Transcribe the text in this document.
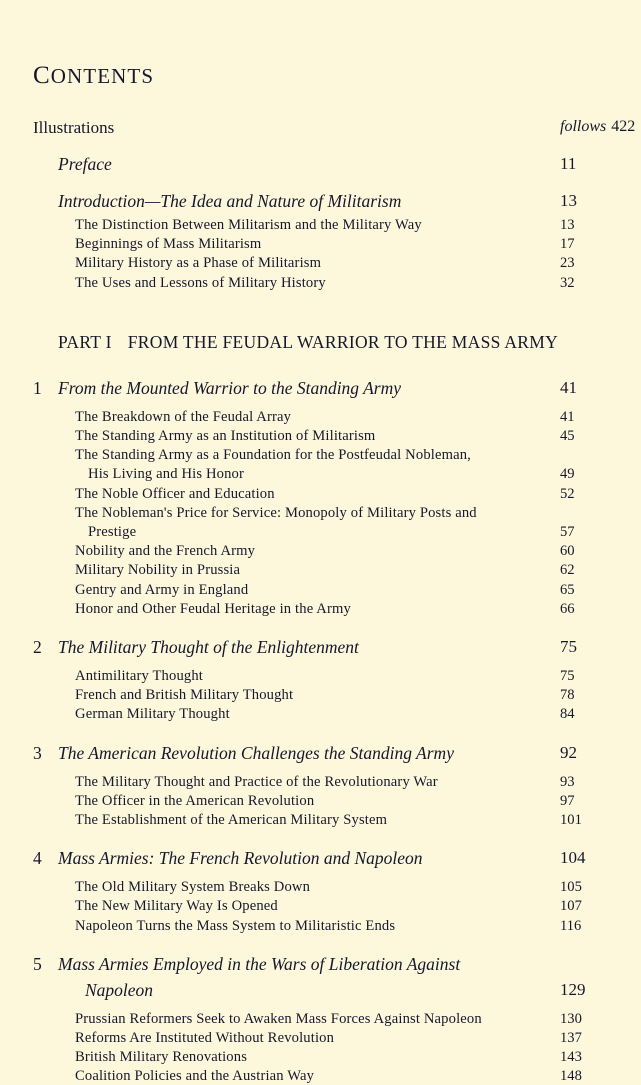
CONTENTS
Illustrations	follows 422
Preface	11
Introduction—The Idea and Nature of Militarism	13
The Distinction Between Militarism and the Military Way	13
Beginnings of Mass Militarism	17
Military History as a Phase of Militarism	23
The Uses and Lessons of Military History	32
1 From the Mounted Warrior to the Standing Army	41
The Breakdown of the Feudal Array	41
The Standing Army as an Institution of Militarism	45
The Standing Army as a Foundation for the Postfeudal Nobleman,
His Living and His Honor	49
The Noble Officer and Education	52
The Nobleman's Price for Service: Monopoly of Military Posts and
Prestige	57
Nobility and the French Army	60
Military Nobility in Prussia	62
Gentry and Army in England	65
Honor and Other Feudal Heritage in the Army	66
2 The Military Thought of the Enlightenment	75
Antimilitary Thought	75
French and British Military Thought	78
German Military Thought	84
3 The American Revolution Challenges the Standing Army	92
The Military Thought and Practice of the Revolutionary War	93
The Officer in the American Revolution	97
The Establishment of the American Military System	101
4 Mass Armies: The French Revolution and Napoleon	104
The Old Military System Breaks Down	105
The New Military Way Is Opened	107
Napoleon Turns the Mass System to Militaristic Ends	116
5 Mass Armies Employed in the Wars of Liberation Against
Napoleon	129
Prussian Reformers Seek to Awaken Mass Forces Against Napoleon	130
Reforms Are Instituted Without Revolution	137
British Military Renovations	143
Coalition Policies and the Austrian Way	148
PART I FROM THE FEUDAL WARRIOR TO THE MASS ARMY
